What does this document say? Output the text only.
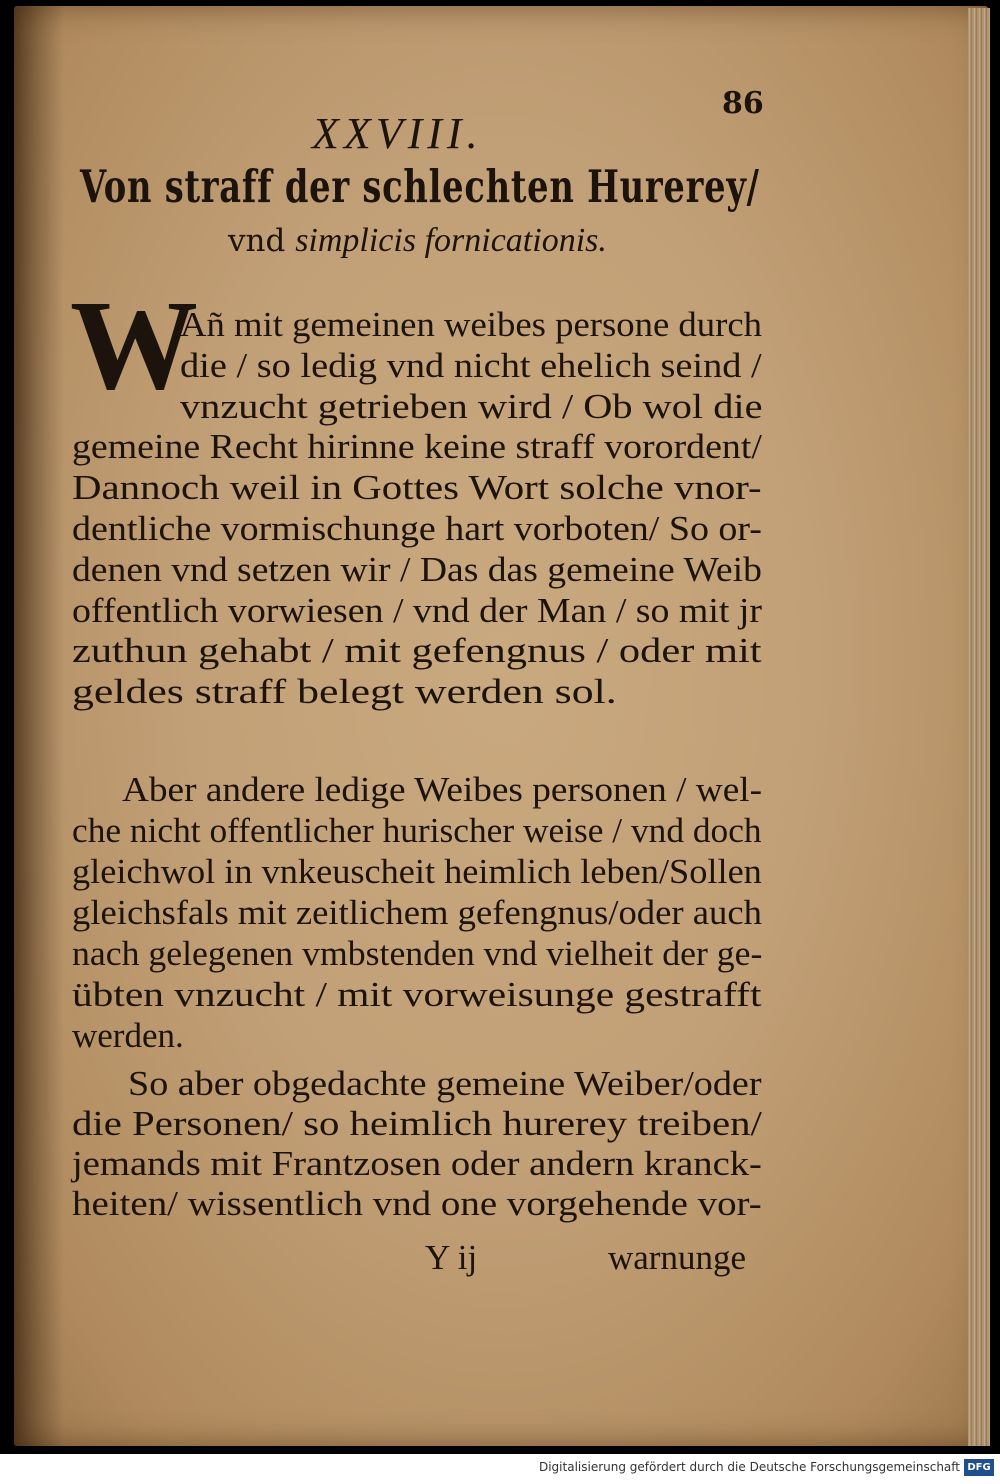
86
XXVIII.
Von straff der schlechten Hurerey/
vnd simplicis fornicationis.
W
Añ mit gemeinen weibes persone durch
die / so ledig vnd nicht ehelich seind /
vnzucht getrieben wird / Ob wol die
gemeine Recht hirinne keine straff vorordent/
Dannoch weil in Gottes Wort solche vnor-
dentliche vormischunge hart vorboten/ So or-
denen vnd setzen wir / Das das gemeine Weib
offentlich vorwiesen / vnd der Man / so mit jr
zuthun gehabt / mit gefengnus / oder mit
geldes straff belegt werden sol.
Aber andere ledige Weibes personen / wel-
che nicht offentlicher hurischer weise / vnd doch
gleichwol in vnkeuscheit heimlich leben/Sollen
gleichsfals mit zeitlichem gefengnus/oder auch
nach gelegenen vmbstenden vnd vielheit der ge-
übten vnzucht / mit vorweisunge gestrafft
werden.
So aber obgedachte gemeine Weiber/oder
die Personen/ so heimlich hurerey treiben/
jemands mit Frantzosen oder andern kranck-
heiten/ wissentlich vnd one vorgehende vor-
Y ij	warnunge
Digitalisierung gefördert durch die Deutsche Forschungsgemeinschaft DFG
